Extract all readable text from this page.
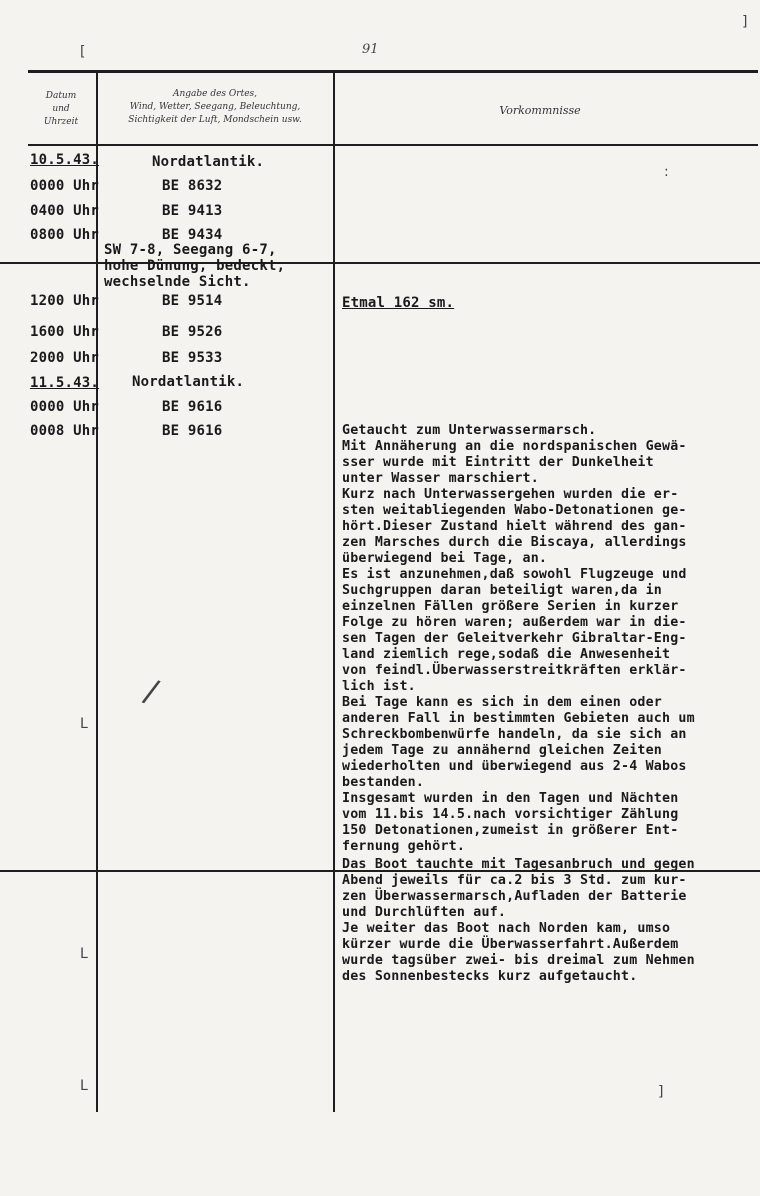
91
Datum
und
Uhrzeit
Angabe des Ortes,
Wind, Wetter, Seegang, Beleuchtung,
Sichtigkeit der Luft, Mondschein usw.
Vorkommnisse
10.5.43.
0000 Uhr
0400 Uhr
0800 Uhr
1200 Uhr
1600 Uhr
2000 Uhr
11.5.43.
0000 Uhr
0008 Uhr
Nordatlantik.
BE 8632
BE 9413
BE 9434
SW 7-8, Seegang 6-7,
hohe Dünung, bedeckt,
wechselnde Sicht.
BE 9514
BE 9526
BE 9533
Nordatlantik.
BE 9616
BE 9616
Etmal 162 sm.
Getaucht zum Unterwassermarsch.
Mit Annäherung an die nordspanischen Gewä-
sser wurde mit Eintritt der Dunkelheit
unter Wasser marschiert.
Kurz nach Unterwassergehen wurden die er-
sten weitabliegenden Wabo-Detonationen ge-
hört.Dieser Zustand hielt während des gan-
zen Marsches durch die Biscaya, allerdings
überwiegend bei Tage, an.
Es ist anzunehmen,daß sowohl Flugzeuge und
Suchgruppen daran beteiligt waren,da in
einzelnen Fällen größere Serien in kurzer
Folge zu hören waren; außerdem war in die-
sen Tagen der Geleitverkehr Gibraltar-Eng-
land ziemlich rege,sodaß die Anwesenheit
von feindl.Überwasserstreitkräften erklär-
lich ist.
Bei Tage kann es sich in dem einen oder
anderen Fall in bestimmten Gebieten auch um
Schreckbombenwürfe handeln, da sie sich an
jedem Tage zu annähernd gleichen Zeiten
wiederholten und überwiegend aus 2-4 Wabos
bestanden.
Insgesamt wurden in den Tagen und Nächten
vom 11.bis 14.5.nach vorsichtiger Zählung
150 Detonationen,zumeist in größerer Ent-
fernung gehört.
Das Boot tauchte mit Tagesanbruch und gegen
Abend jeweils für ca.2 bis 3 Std. zum kur-
zen Überwassermarsch,Aufladen der Batterie
und Durchlüften auf.
Je weiter das Boot nach Norden kam, umso
kürzer wurde die Überwasserfahrt.Außerdem
wurde tagsüber zwei- bis dreimal zum Nehmen
des Sonnenbestecks kurz aufgetaucht.
[
]
:
L
L
L	]
/
